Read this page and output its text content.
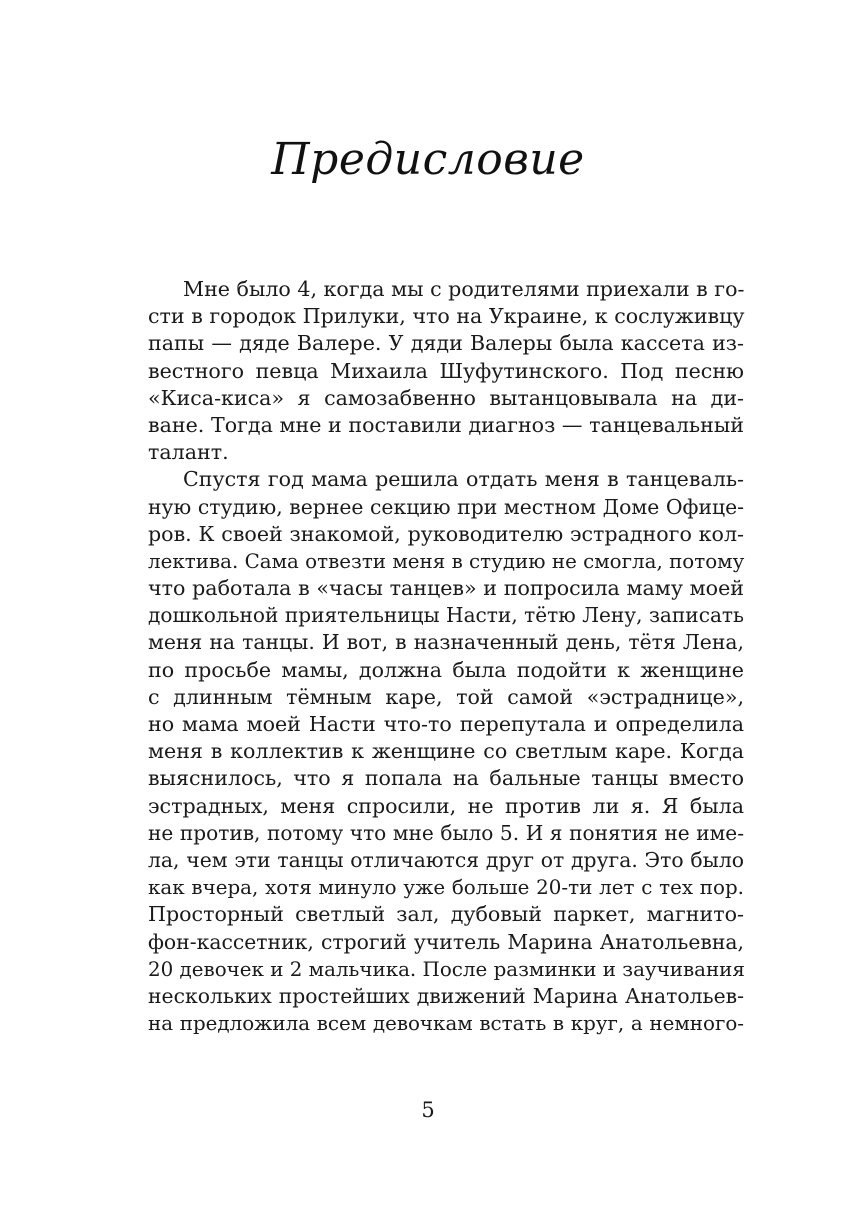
Предисловие
Мне было 4, когда мы с родителями приехали в го-
сти в городок Прилуки, что на Украине, к сослуживцу
папы — дяде Валере. У дяди Валеры была кассета из-
вестного певца Михаила Шуфутинского. Под песню
«Киса-киса» я самозабвенно вытанцовывала на ди-
ване. Тогда мне и поставили диагноз — танцевальный
талант.
Спустя год мама решила отдать меня в танцеваль-
ную студию, вернее секцию при местном Доме Офице-
ров. К своей знакомой, руководителю эстрадного кол-
лектива. Сама отвезти меня в студию не смогла, потому
что работала в «часы танцев» и попросила маму моей
дошкольной приятельницы Насти, тётю Лену, записать
меня на танцы. И вот, в назначенный день, тётя Лена,
по просьбе мамы, должна была подойти к женщине
с длинным тёмным каре, той самой «эстраднице»,
но мама моей Насти что-то перепутала и определила
меня в коллектив к женщине со светлым каре. Когда
выяснилось, что я попала на бальные танцы вместо
эстрадных, меня спросили, не против ли я. Я была
не против, потому что мне было 5. И я понятия не име-
ла, чем эти танцы отличаются друг от друга. Это было
как вчера, хотя минуло уже больше 20-ти лет с тех пор.
Просторный светлый зал, дубовый паркет, магнито-
фон-кассетник, строгий учитель Марина Анатольевна,
20 девочек и 2 мальчика. После разминки и заучивания
нескольких простейших движений Марина Анатольев-
на предложила всем девочкам встать в круг, а немного-
5
